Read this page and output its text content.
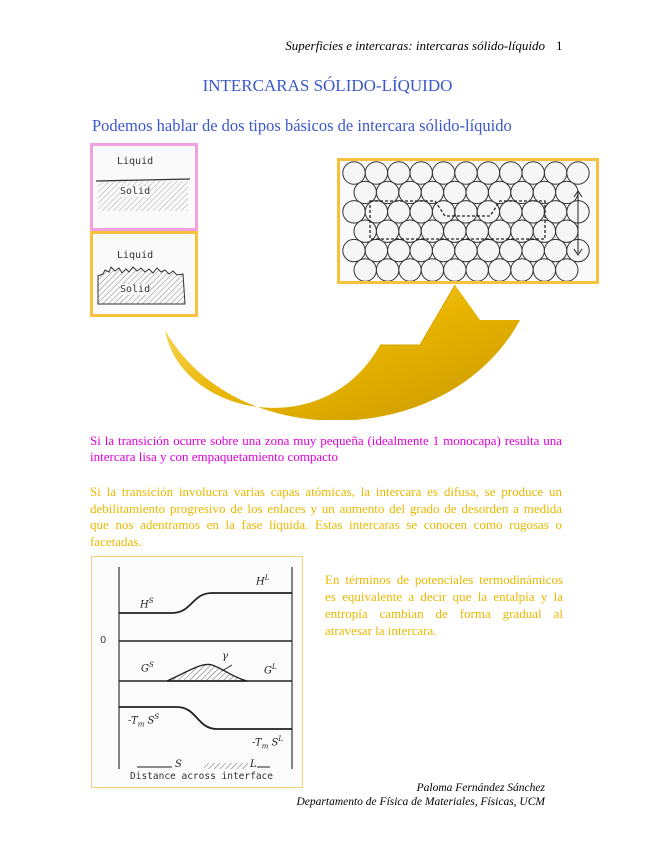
Superficies e intercaras: intercaras sólido-líquido 1
INTERCARAS SÓLIDO-LÍQUIDO
Podemos hablar de dos tipos básicos de intercara sólido-líquido
Liquid
Solid
Liquid
Solid
Si la transición ocurre sobre una zona muy pequeña (idealmente 1 monocapa) resulta una intercara lisa y con empaquetamiento compacto
Si la transición involucra varias capas atómicas, la intercara es difusa, se produce un debilitamiento progresivo de los enlaces y un aumento del grado de desorden a medida que nos adentramos en la fase líquida. Estas intercaras se conocen como rugosas o facetadas.
En términos de potenciales termodinámicos es equivalente a decir que la entalpía y la entropía cambian de forma gradual al atravesar la intercara.
0
$H^S$
$H^L$
$G^S$
γ
$G^L$
$-T_m$ $S^S$
$-T_m$ $S^L$
S	L
Distance across interface
Paloma Fernández Sánchez
Departamento de Física de Materiales, Físicas, UCM
